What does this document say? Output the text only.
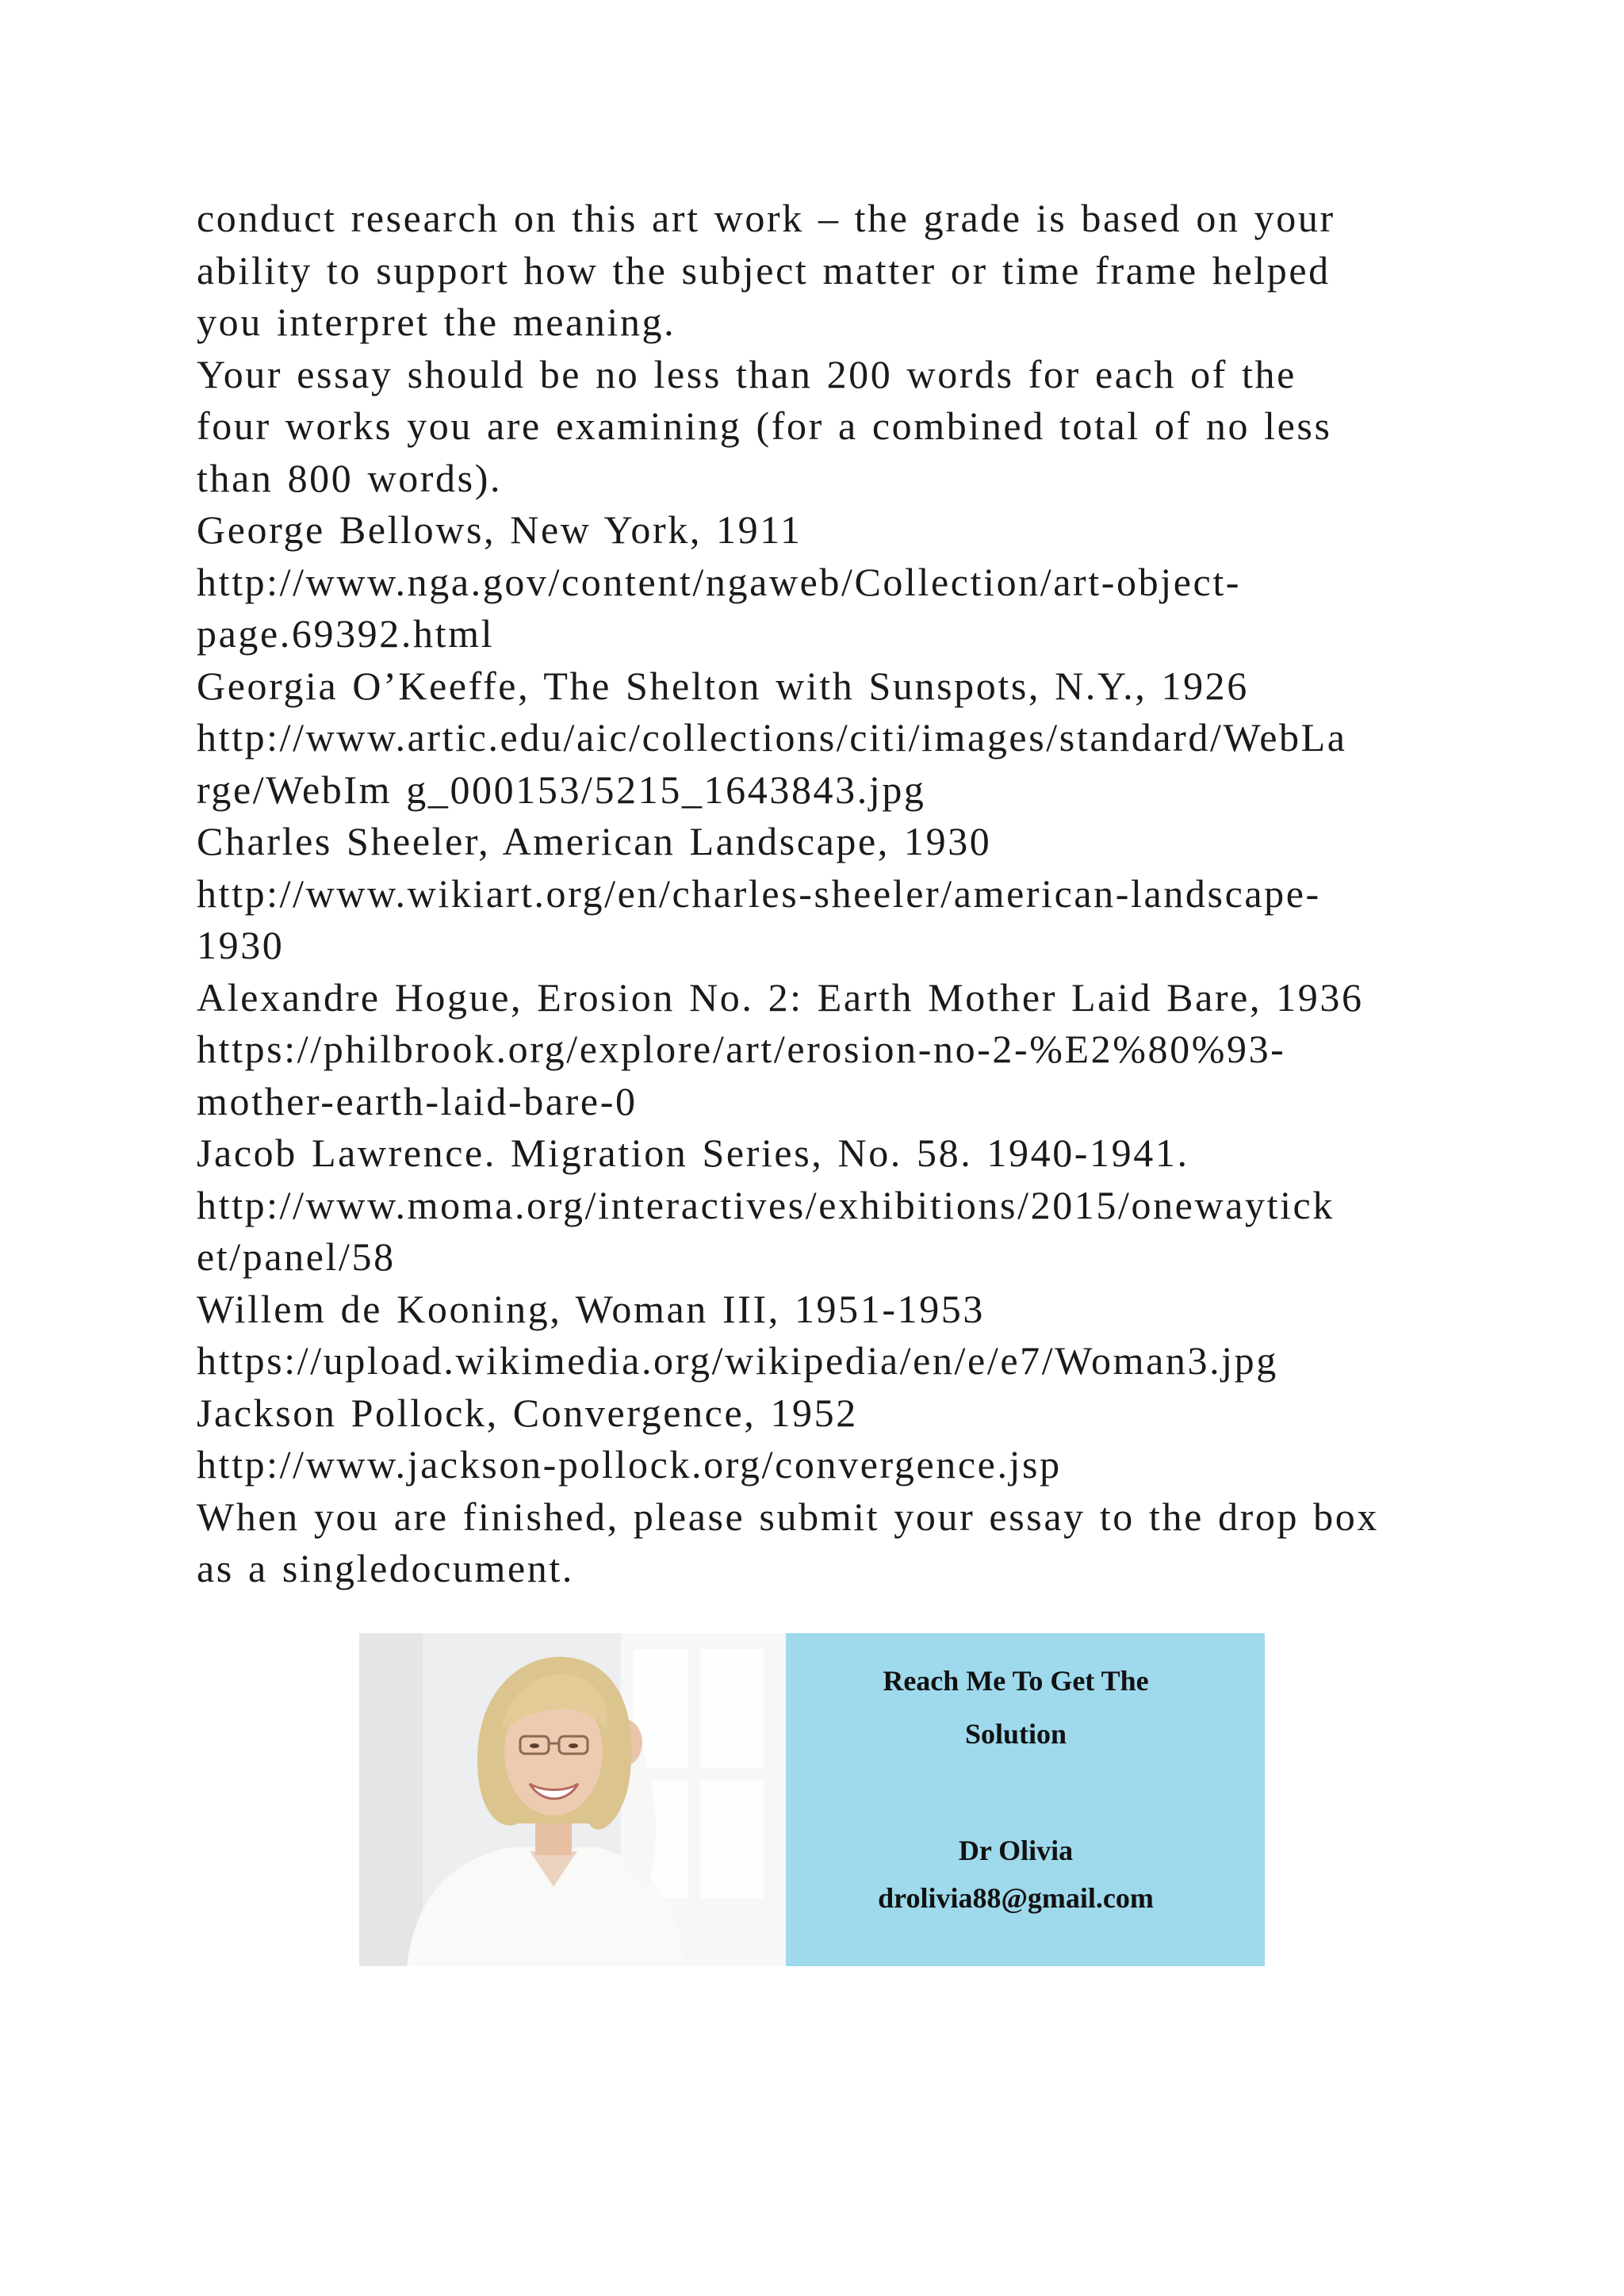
conduct research on this art work – the grade is based on your
ability to support how the subject matter or time frame helped
you interpret the meaning.
Your essay should be no less than 200 words for each of the
four works you are examining (for a combined total of no less
than 800 words).
George Bellows, New York, 1911
http://www.nga.gov/content/ngaweb/Collection/art-object-
page.69392.html
Georgia O’Keeffe, The Shelton with Sunspots, N.Y., 1926
http://www.artic.edu/aic/collections/citi/images/standard/WebLa
rge/WebIm g_000153/5215_1643843.jpg
Charles Sheeler, American Landscape, 1930
http://www.wikiart.org/en/charles-sheeler/american-landscape-
1930
Alexandre Hogue, Erosion No. 2: Earth Mother Laid Bare, 1936
https://philbrook.org/explore/art/erosion-no-2-%E2%80%93-
mother-earth-laid-bare-0
Jacob Lawrence. Migration Series, No. 58. 1940-1941.
http://www.moma.org/interactives/exhibitions/2015/onewaytick
et/panel/58
Willem de Kooning, Woman III, 1951-1953
https://upload.wikimedia.org/wikipedia/en/e/e7/Woman3.jpg
Jackson Pollock, Convergence, 1952
http://www.jackson-pollock.org/convergence.jsp
When you are finished, please submit your essay to the drop box
as a singledocument.
Reach Me To Get The
Solution
Dr Olivia
drolivia88@gmail.com
